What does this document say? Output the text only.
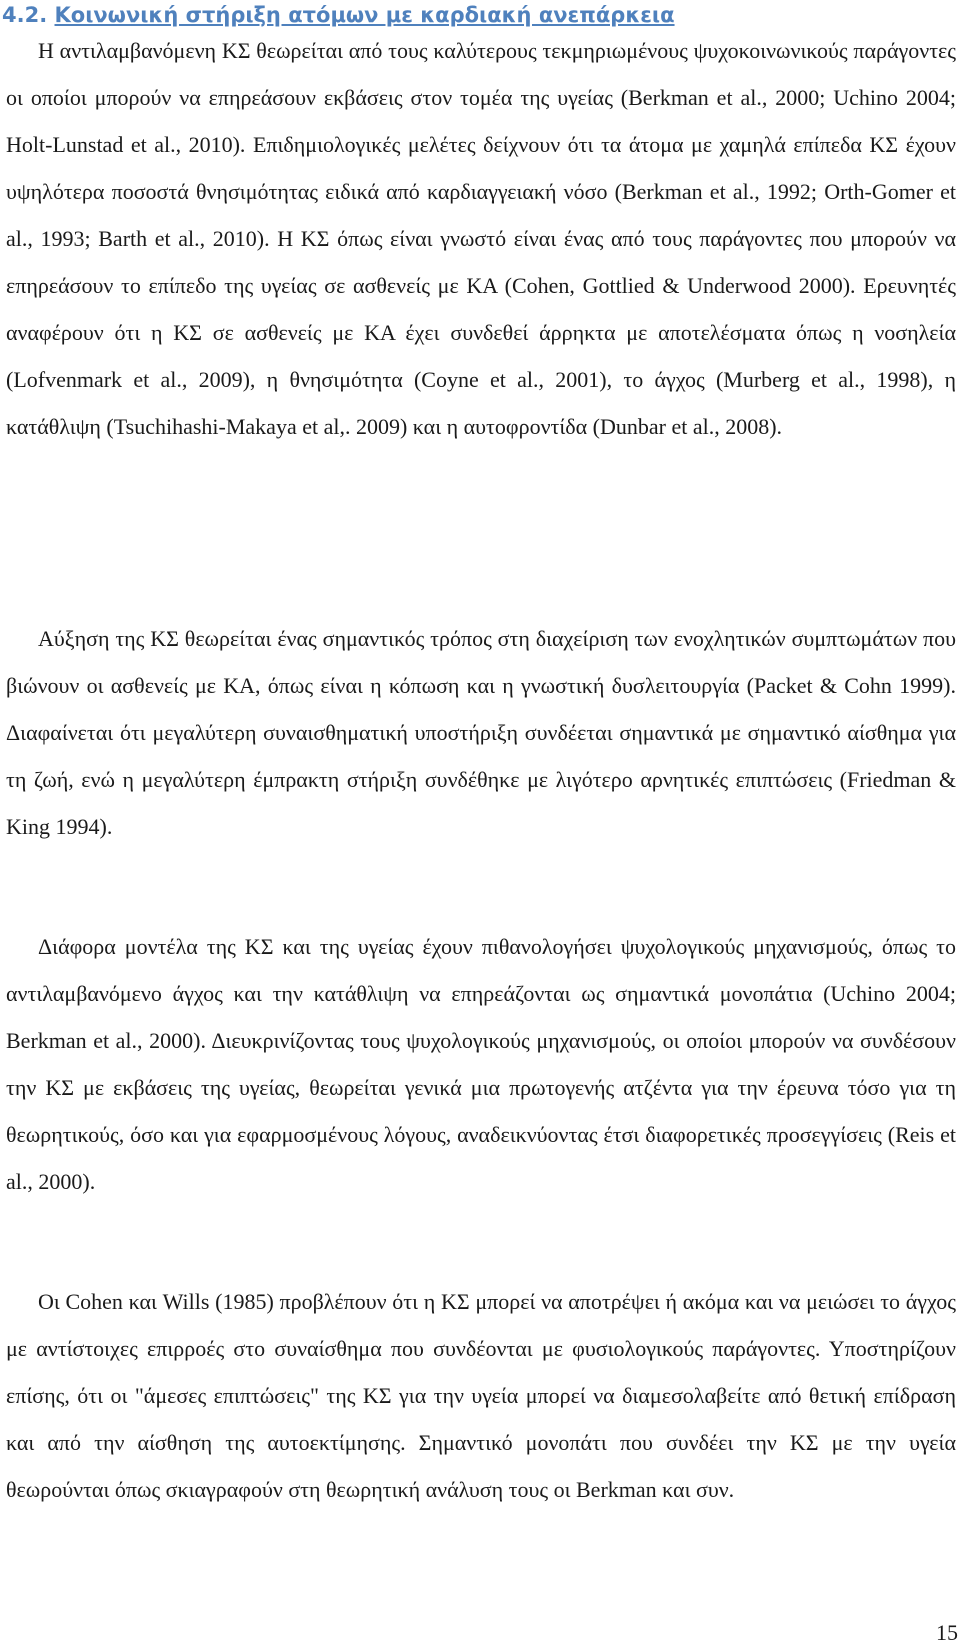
4.2. Κοινωνική στήριξη ατόμων με καρδιακή ανεπάρκεια

Η αντιλαμβανόμενη ΚΣ θεωρείται από τους καλύτερους τεκμηριωμένους ψυχοκοινωνικούς παράγοντες οι οποίοι μπορούν να επηρεάσουν εκβάσεις στον τομέα της υγείας (Berkman et al., 2000; Uchino 2004; Holt-Lunstad et al., 2010). Επιδημιολογικές μελέτες δείχνουν ότι τα άτομα με χαμηλά επίπεδα ΚΣ έχουν υψηλότερα ποσοστά θνησιμότητας ειδικά από καρδιαγγειακή νόσο (Berkman et al., 1992; Orth-Gomer et al., 1993; Barth et al., 2010). Η ΚΣ όπως είναι γνωστό είναι ένας από τους παράγοντες που μπορούν να επηρεάσουν το επίπεδο της υγείας σε ασθενείς με ΚΑ (Cohen, Gottlied & Underwood 2000). Ερευνητές αναφέρουν ότι η ΚΣ σε ασθενείς με ΚΑ έχει συνδεθεί άρρηκτα με αποτελέσματα όπως η νοσηλεία (Lofvenmark et al., 2009), η θνησιμότητα (Coyne et al., 2001), το άγχος (Murberg et al., 1998), η κατάθλιψη (Tsuchihashi-Makaya et al,. 2009) και η αυτοφροντίδα (Dunbar et al., 2008).

Αύξηση της ΚΣ θεωρείται ένας σημαντικός τρόπος στη διαχείριση των ενοχλητικών συμπτωμάτων που βιώνουν οι ασθενείς με ΚΑ, όπως είναι η κόπωση και η γνωστική δυσλειτουργία (Packet & Cohn 1999). Διαφαίνεται ότι μεγαλύτερη συναισθηματική υποστήριξη συνδέεται σημαντικά με σημαντικό αίσθημα για τη ζωή, ενώ η μεγαλύτερη έμπρακτη στήριξη συνδέθηκε με λιγότερο αρνητικές επιπτώσεις (Friedman & King 1994).

Διάφορα μοντέλα της ΚΣ και της υγείας έχουν πιθανολογήσει ψυχολογικούς μηχανισμούς, όπως το αντιλαμβανόμενο άγχος και την κατάθλιψη να επηρεάζονται ως σημαντικά μονοπάτια (Uchino 2004; Berkman et al., 2000). Διευκρινίζοντας τους ψυχολογικούς μηχανισμούς, οι οποίοι μπορούν να συνδέσουν την ΚΣ με εκβάσεις της υγείας, θεωρείται γενικά μια πρωτογενής ατζέντα για την έρευνα τόσο για τη θεωρητικούς, όσο και για εφαρμοσμένους λόγους, αναδεικνύοντας έτσι διαφορετικές προσεγγίσεις (Reis et al., 2000).

Οι Cohen και Wills (1985) προβλέπουν ότι η ΚΣ μπορεί να αποτρέψει ή ακόμα και να μειώσει το άγχος με αντίστοιχες επιρροές στο συναίσθημα που συνδέονται με φυσιολογικούς παράγοντες. Υποστηρίζουν επίσης, ότι οι "άμεσες επιπτώσεις" της ΚΣ για την υγεία μπορεί να διαμεσολαβείτε από θετική επίδραση και από την αίσθηση της αυτοεκτίμησης. Σημαντικό μονοπάτι που συνδέει την ΚΣ με την υγεία θεωρούνται όπως σκιαγραφούν στη θεωρητική ανάλυση τους οι Berkman και συν.

15
